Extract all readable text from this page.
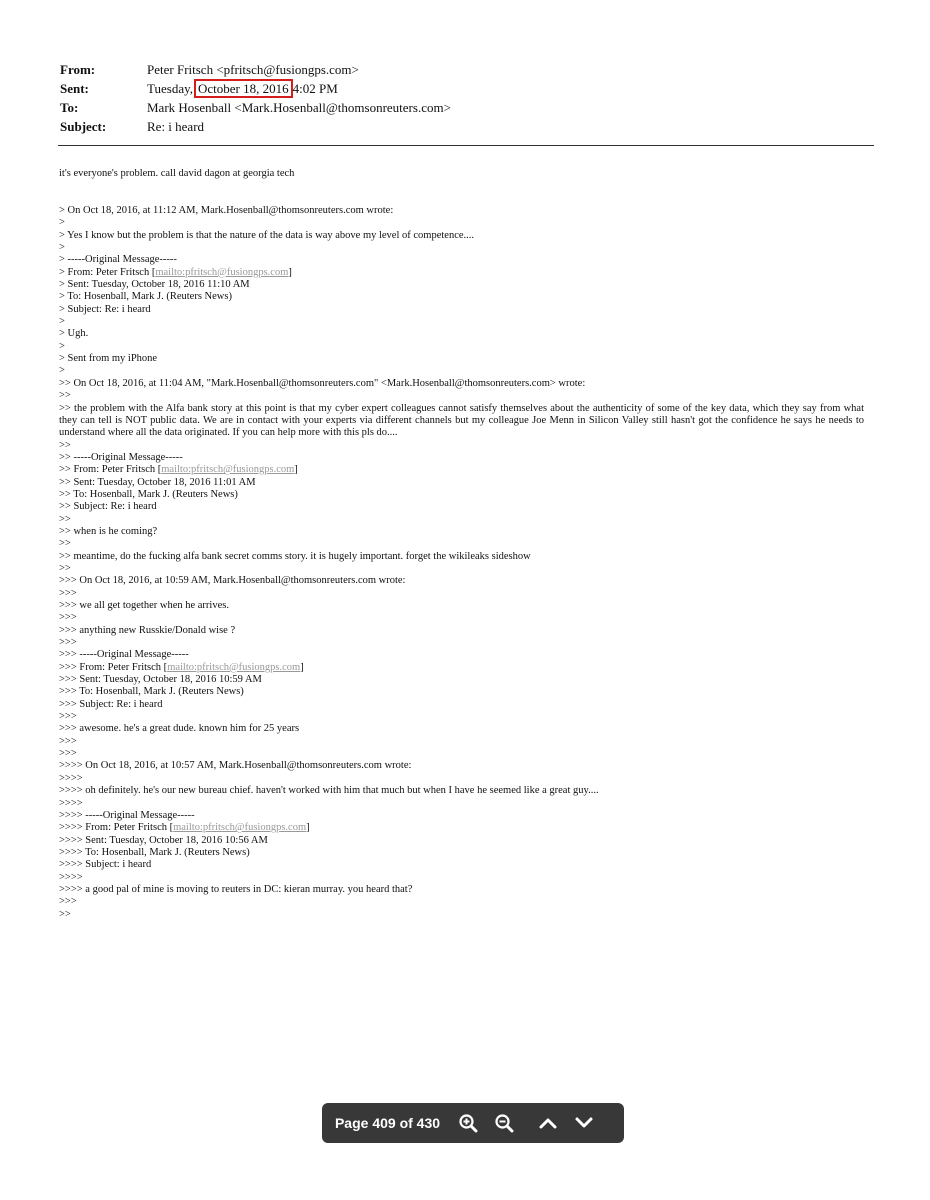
From:	Peter Fritsch <pfritsch@fusiongps.com>
Sent:	Tuesday, October 18, 2016 4:02 PM
To:	Mark Hosenball <Mark.Hosenball@thomsonreuters.com>
Subject:	Re: i heard
it's everyone's problem. call david dagon at georgia tech
> On Oct 18, 2016, at 11:12 AM, Mark.Hosenball@thomsonreuters.com wrote:
>
> Yes I know but the problem is that the nature of the data is way above my level of competence....
>
> -----Original Message-----
> From: Peter Fritsch [mailto:pfritsch@fusiongps.com]
> Sent: Tuesday, October 18, 2016 11:10 AM
> To: Hosenball, Mark J. (Reuters News)
> Subject: Re: i heard
>
> Ugh.
>
> Sent from my iPhone
>
>> On Oct 18, 2016, at 11:04 AM, "Mark.Hosenball@thomsonreuters.com" <Mark.Hosenball@thomsonreuters.com> wrote:
>>
>> the problem with the Alfa bank story at this point is that my cyber expert colleagues cannot satisfy themselves about the authenticity of some of the key data, which they say from what they can tell is NOT public data. We are in contact with your experts via different channels but my colleague Joe Menn in Silicon Valley still hasn't got the confidence he says he needs to understand where all the data originated. If you can help more with this pls do....
>>
>> -----Original Message-----
>> From: Peter Fritsch [mailto:pfritsch@fusiongps.com]
>> Sent: Tuesday, October 18, 2016 11:01 AM
>> To: Hosenball, Mark J. (Reuters News)
>> Subject: Re: i heard
>>
>> when is he coming?
>>
>> meantime, do the fucking alfa bank secret comms story. it is hugely important. forget the wikileaks sideshow
>>
>>> On Oct 18, 2016, at 10:59 AM, Mark.Hosenball@thomsonreuters.com wrote:
>>>
>>> we all get together when he arrives.
>>>
>>> anything new Russkie/Donald wise ?
>>>
>>> -----Original Message-----
>>> From: Peter Fritsch [mailto:pfritsch@fusiongps.com]
>>> Sent: Tuesday, October 18, 2016 10:59 AM
>>> To: Hosenball, Mark J. (Reuters News)
>>> Subject: Re: i heard
>>>
>>> awesome. he's a great dude. known him for 25 years
>>>
>>>
>>>> On Oct 18, 2016, at 10:57 AM, Mark.Hosenball@thomsonreuters.com wrote:
>>>>
>>>> oh definitely. he's our new bureau chief. haven't worked with him that much but when I have he seemed like a great guy....
>>>>
>>>> -----Original Message-----
>>>> From: Peter Fritsch [mailto:pfritsch@fusiongps.com]
>>>> Sent: Tuesday, October 18, 2016 10:56 AM
>>>> To: Hosenball, Mark J. (Reuters News)
>>>> Subject: i heard
>>>>
>>>> a good pal of mine is moving to reuters in DC: kieran murray. you heard that?
>>>
>>
Page 409 of 430
